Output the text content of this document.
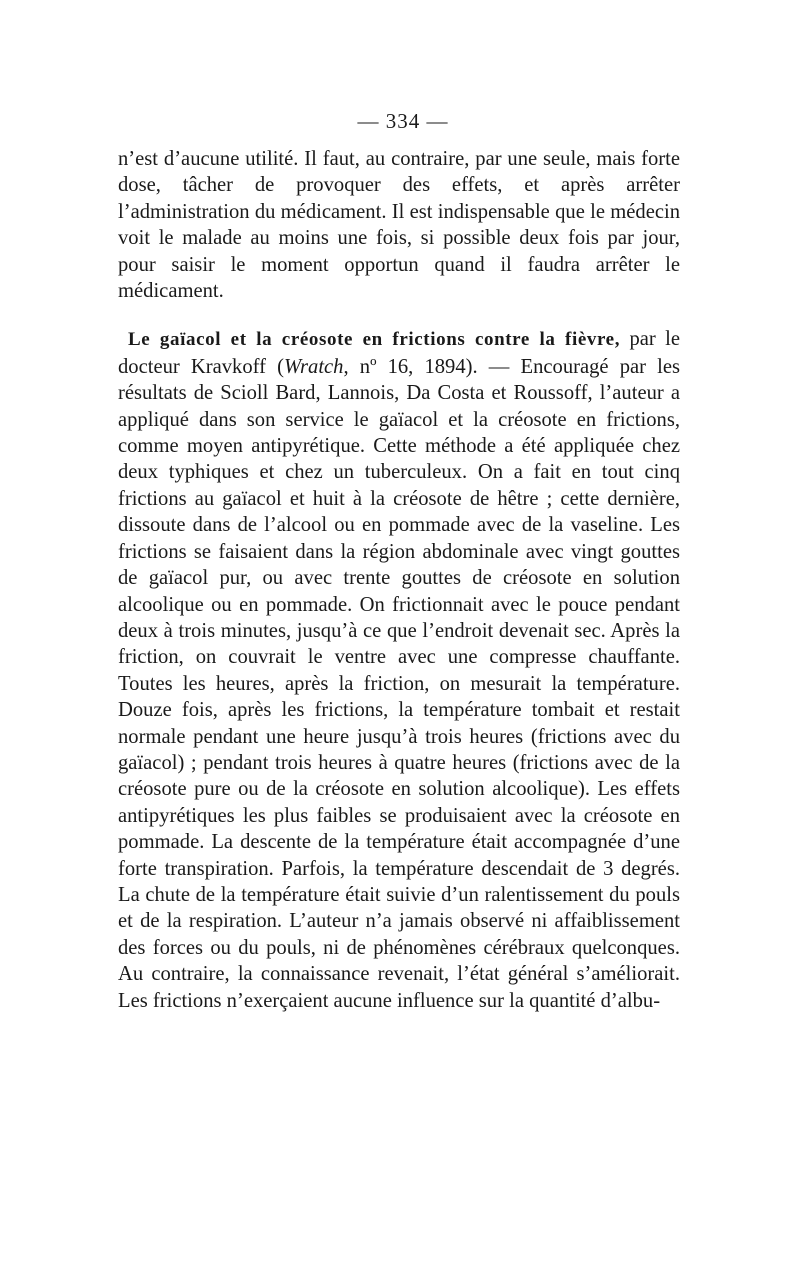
— 334 —

n’est d’aucune utilité. Il faut, au contraire, par une seule, mais forte dose, tâcher de provoquer des effets, et après arrêter l’administration du médicament. Il est indispensable que le médecin voit le malade au moins une fois, si possible deux fois par jour, pour saisir le moment opportun quand il faudra arrêter le médicament.

Le gaïacol et la créosote en frictions contre la fièvre, par le docteur Kravkoff (Wratch, nº 16, 1894). — Encouragé par les résultats de Scioll Bard, Lannois, Da Costa et Roussoff, l’auteur a appliqué dans son service le gaïacol et la créosote en frictions, comme moyen antipyrétique. Cette méthode a été appliquée chez deux typhiques et chez un tuberculeux. On a fait en tout cinq frictions au gaïacol et huit à la créosote de hêtre ; cette dernière, dissoute dans de l’alcool ou en pommade avec de la vaseline. Les frictions se faisaient dans la région abdominale avec vingt gouttes de gaïacol pur, ou avec trente gouttes de créosote en solution alcoolique ou en pommade. On frictionnait avec le pouce pendant deux à trois minutes, jusqu’à ce que l’endroit devenait sec. Après la friction, on couvrait le ventre avec une compresse chauffante. Toutes les heures, après la friction, on mesurait la température. Douze fois, après les frictions, la température tombait et restait normale pendant une heure jusqu’à trois heures (frictions avec du gaïacol) ; pendant trois heures à quatre heures (frictions avec de la créosote pure ou de la créosote en solution alcoolique). Les effets antipyrétiques les plus faibles se produisaient avec la créosote en pommade. La descente de la température était accompagnée d’une forte transpiration. Parfois, la température descendait de 3 degrés. La chute de la température était suivie d’un ralentissement du pouls et de la respiration. L’auteur n’a jamais observé ni affaiblissement des forces ou du pouls, ni de phénomènes cérébraux quelconques. Au contraire, la connaissance revenait, l’état général s’améliorait. Les frictions n’exerçaient aucune influence sur la quantité d’albu-
